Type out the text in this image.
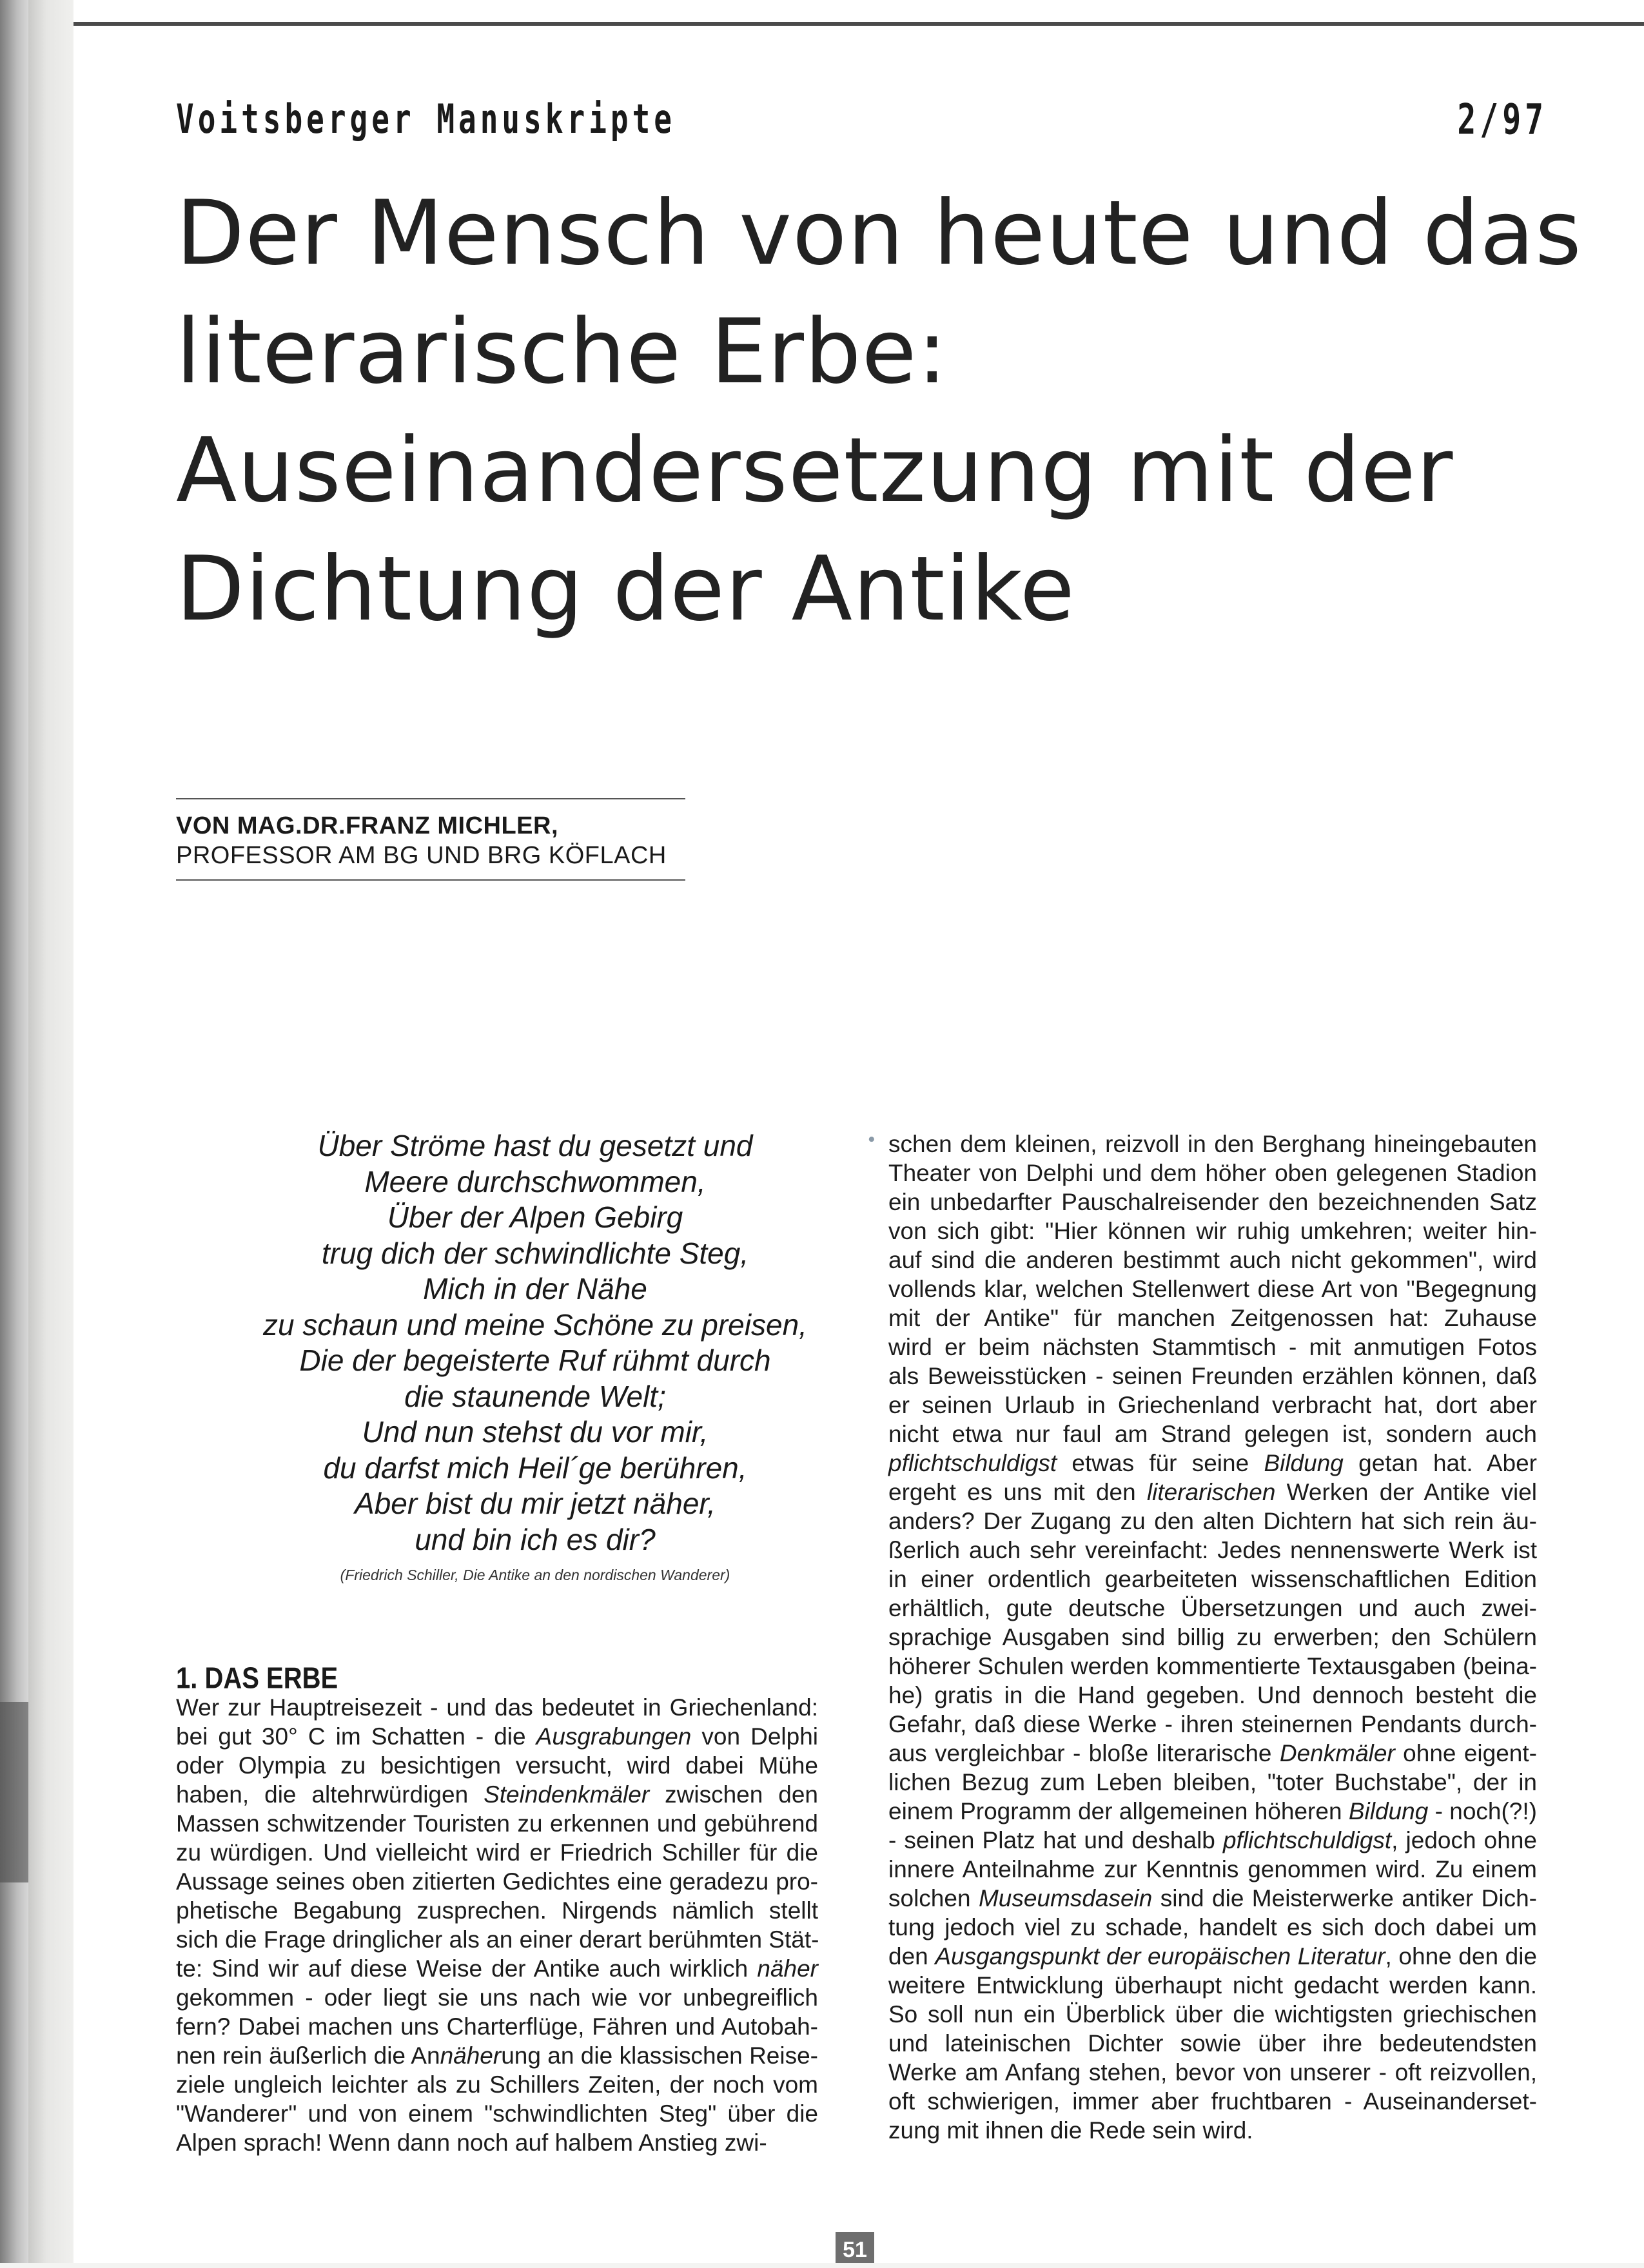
Voitsberger Manuskripte	2/97
Der Mensch von heute und das
literarische Erbe:
Auseinandersetzung mit der
Dichtung der Antike
VON MAG.DR.FRANZ MICHLER,
PROFESSOR AM BG UND BRG KÖFLACH
Über Ströme hast du gesetzt und
Meere durchschwommen,
Über der Alpen Gebirg
trug dich der schwindlichte Steg,
Mich in der Nähe
zu schaun und meine Schöne zu preisen,
Die der begeisterte Ruf rühmt durch
die staunende Welt;
Und nun stehst du vor mir,
du darfst mich Heil´ge berühren,
Aber bist du mir jetzt näher,
und bin ich es dir?
(Friedrich Schiller, Die Antike an den nordischen Wanderer)
1. DAS ERBE
Wer zur Hauptreisezeit - und das bedeutet in Griechenland:
bei gut 30° C im Schatten - die Ausgrabungen von Delphi
oder Olympia zu besichtigen versucht, wird dabei Mühe
haben, die altehrwürdigen Steindenkmäler zwischen den
Massen schwitzender Touristen zu erkennen und gebührend
zu würdigen. Und vielleicht wird er Friedrich Schiller für die
Aussage seines oben zitierten Gedichtes eine geradezu pro-
phetische Begabung zusprechen. Nirgends nämlich stellt
sich die Frage dringlicher als an einer derart berühmten Stät-
te: Sind wir auf diese Weise der Antike auch wirklich näher
gekommen - oder liegt sie uns nach wie vor unbegreiflich
fern? Dabei machen uns Charterflüge, Fähren und Autobah-
nen rein äußerlich die Annäherung an die klassischen Reise-
ziele ungleich leichter als zu Schillers Zeiten, der noch vom
"Wanderer" und von einem "schwindlichten Steg" über die
Alpen sprach! Wenn dann noch auf halbem Anstieg zwi-
∙ schen dem kleinen, reizvoll in den Berghang hineingebauten
Theater von Delphi und dem höher oben gelegenen Stadion
ein unbedarfter Pauschalreisender den bezeichnenden Satz
von sich gibt: "Hier können wir ruhig umkehren; weiter hin-
auf sind die anderen bestimmt auch nicht gekommen", wird
vollends klar, welchen Stellenwert diese Art von "Begegnung
mit der Antike" für manchen Zeitgenossen hat: Zuhause
wird er beim nächsten Stammtisch - mit anmutigen Fotos
als Beweisstücken - seinen Freunden erzählen können, daß
er seinen Urlaub in Griechenland verbracht hat, dort aber
nicht etwa nur faul am Strand gelegen ist, sondern auch
pflichtschuldigst etwas für seine Bildung getan hat. Aber
ergeht es uns mit den literarischen Werken der Antike viel
anders? Der Zugang zu den alten Dichtern hat sich rein äu-
ßerlich auch sehr vereinfacht: Jedes nennenswerte Werk ist
in einer ordentlich gearbeiteten wissenschaftlichen Edition
erhältlich, gute deutsche Übersetzungen und auch zwei-
sprachige Ausgaben sind billig zu erwerben; den Schülern
höherer Schulen werden kommentierte Textausgaben (beina-
he) gratis in die Hand gegeben. Und dennoch besteht die
Gefahr, daß diese Werke - ihren steinernen Pendants durch-
aus vergleichbar - bloße literarische Denkmäler ohne eigent-
lichen Bezug zum Leben bleiben, "toter Buchstabe", der in
einem Programm der allgemeinen höheren Bildung - noch(?!)
- seinen Platz hat und deshalb pflichtschuldigst, jedoch ohne
innere Anteilnahme zur Kenntnis genommen wird. Zu einem
solchen Museumsdasein sind die Meisterwerke antiker Dich-
tung jedoch viel zu schade, handelt es sich doch dabei um
den Ausgangspunkt der europäischen Literatur, ohne den die
weitere Entwicklung überhaupt nicht gedacht werden kann.
So soll nun ein Überblick über die wichtigsten griechischen
und lateinischen Dichter sowie über ihre bedeutendsten
Werke am Anfang stehen, bevor von unserer - oft reizvollen,
oft schwierigen, immer aber fruchtbaren - Auseinanderset-
zung mit ihnen die Rede sein wird.
51
